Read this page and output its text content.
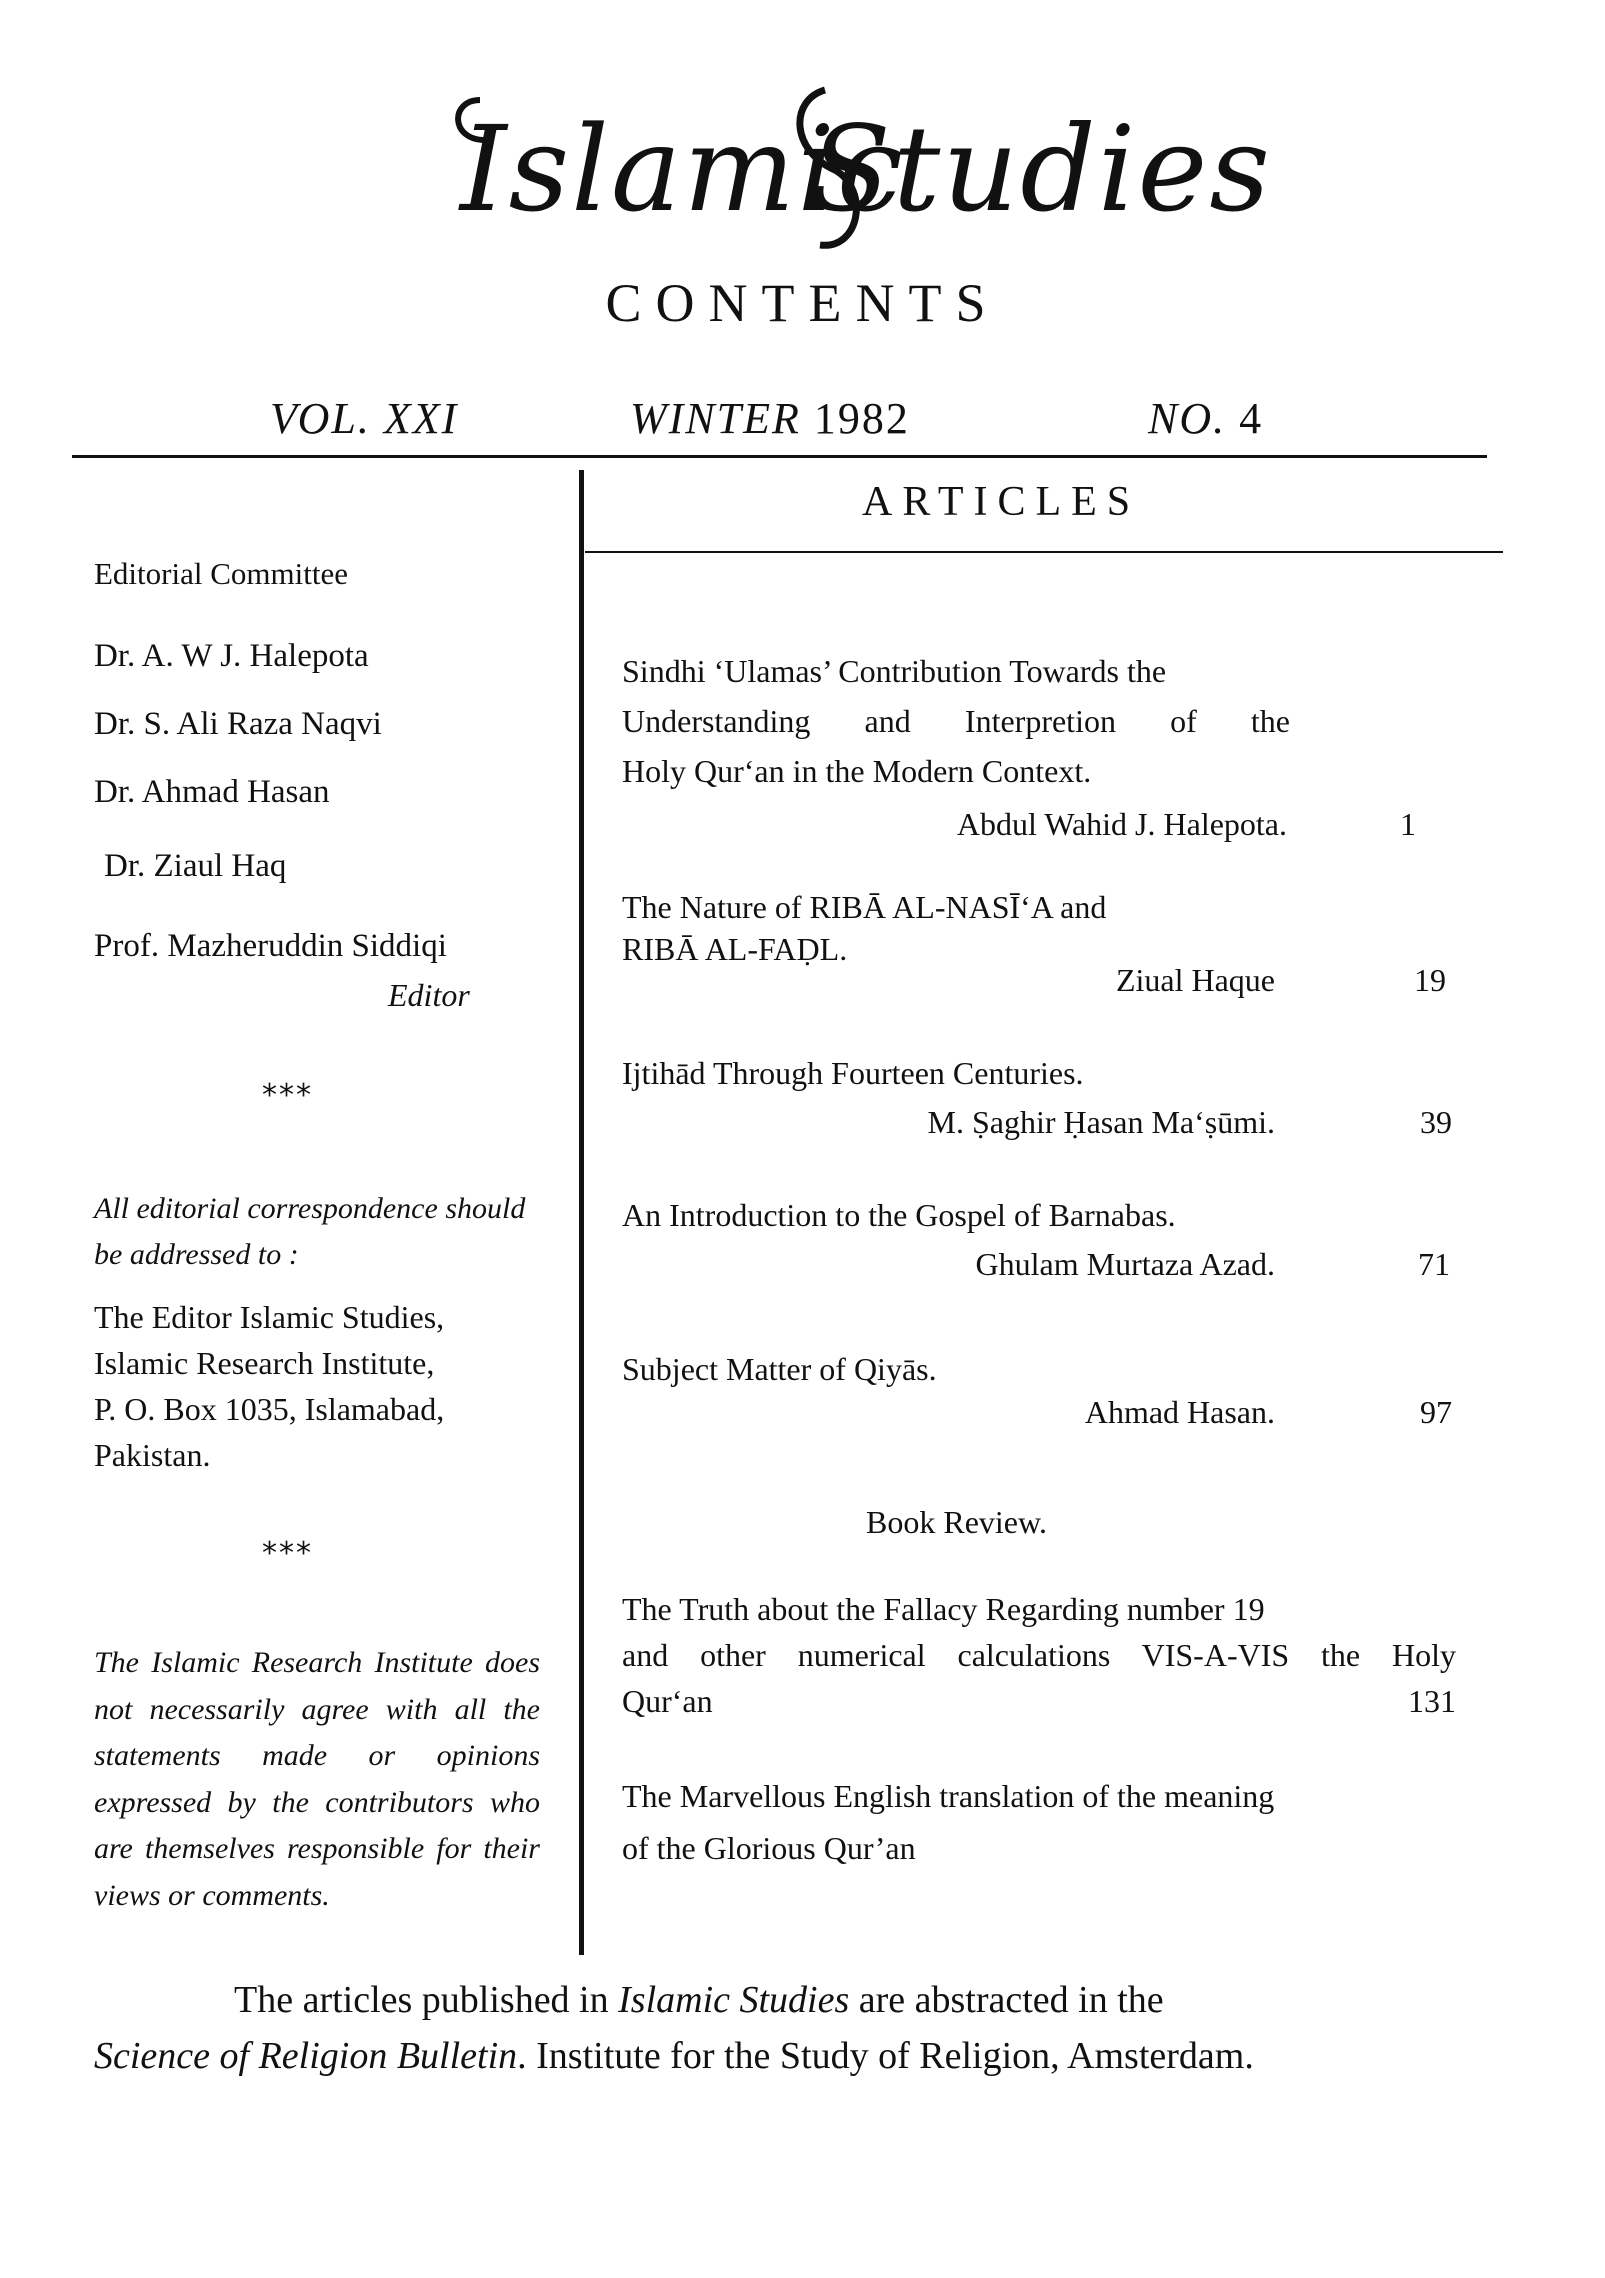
Islamic
Studies
CONTENTS
VOL. XXI	WINTER 1982	NO. 4
ARTICLES
Editorial Committee
Dr. A. W J. Halepota
Dr. S. Ali Raza Naqvi
Dr. Ahmad Hasan
Dr. Ziaul Haq
Prof. Mazheruddin Siddiqi
Editor
***
All editorial correspondence should be addressed to :
The Editor Islamic Studies,
Islamic Research Institute,
P. O. Box 1035, Islamabad,
Pakistan.
***
The Islamic Research Institute does not necessarily agree with all the statements made or opinions expressed by the contributors who are themselves responsible for their views or comments.
Sindhi ‘Ulamas’ Contribution Towards the
Understanding and Interpretion of the
Holy Qur‘an in the Modern Context.
Abdul Wahid J. Halepota.	1
The Nature of RIBĀ AL-NASĪ‘A and
RIBĀ AL-FAḌL.
Ziual Haque	19
Ijtihād Through Fourteen Centuries.
M. Ṣaghir Ḥasan Ma‘ṣūmi.	39
An Introduction to the Gospel of Barnabas.
Ghulam Murtaza Azad.	71
Subject Matter of Qiyās.
Ahmad Hasan.	97
Book Review.
The Truth about the Fallacy Regarding number 19
and other numerical calculations VIS-A-VIS the Holy
Qur‘an	131
The Marvellous English translation of the meaning
of the Glorious Qur’an
The articles published in Islamic Studies are abstracted in the
Science of Religion Bulletin. Institute for the Study of Religion, Amsterdam.
